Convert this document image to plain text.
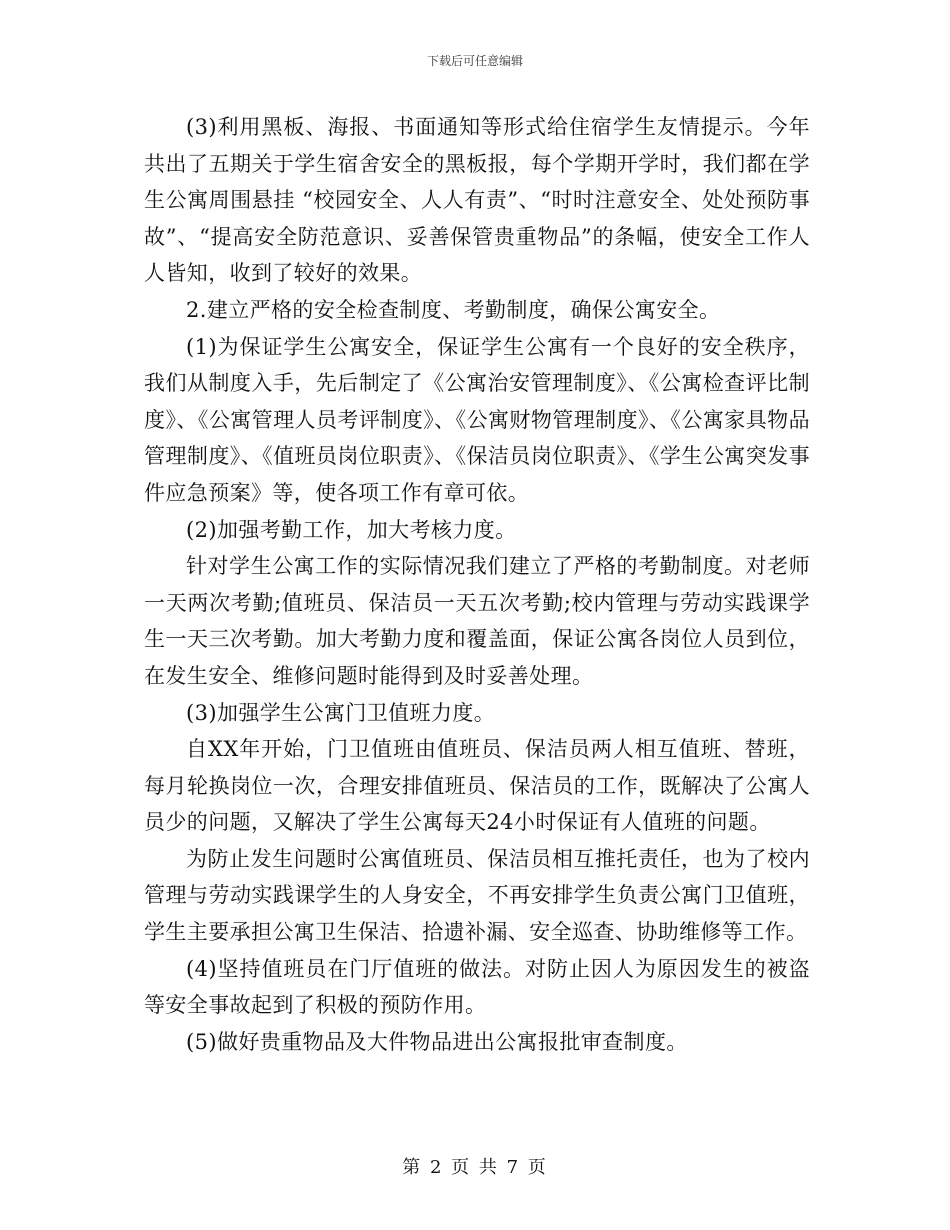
下载后可任意编辑

(3)利用黑板、海报、书面通知等形式给住宿学生友情提示。今年共出了五期关于学生宿舍安全的黑板报，每个学期开学时，我们都在学生公寓周围悬挂 “校园安全、人人有责”、“时时注意安全、处处预防事故”、“提高安全防范意识、妥善保管贵重物品”的条幅，使安全工作人人皆知，收到了较好的效果。

2.建立严格的安全检查制度、考勤制度，确保公寓安全。

(1)为保证学生公寓安全，保证学生公寓有一个良好的安全秩序，我们从制度入手，先后制定了《公寓治安管理制度》、《公寓检查评比制度》、《公寓管理人员考评制度》、《公寓财物管理制度》、《公寓家具物品管理制度》、《值班员岗位职责》、《保洁员岗位职责》、《学生公寓突发事件应急预案》等，使各项工作有章可依。

(2)加强考勤工作，加大考核力度。

针对学生公寓工作的实际情况我们建立了严格的考勤制度。对老师一天两次考勤;值班员、保洁员一天五次考勤;校内管理与劳动实践课学生一天三次考勤。加大考勤力度和覆盖面，保证公寓各岗位人员到位，在发生安全、维修问题时能得到及时妥善处理。

(3)加强学生公寓门卫值班力度。

自XX年开始，门卫值班由值班员、保洁员两人相互值班、替班，每月轮换岗位一次，合理安排值班员、保洁员的工作，既解决了公寓人员少的问题，又解决了学生公寓每天24小时保证有人值班的问题。

为防止发生问题时公寓值班员、保洁员相互推托责任，也为了校内管理与劳动实践课学生的人身安全，不再安排学生负责公寓门卫值班，学生主要承担公寓卫生保洁、拾遗补漏、安全巡查、协助维修等工作。

(4)坚持值班员在门厅值班的做法。对防止因人为原因发生的被盗等安全事故起到了积极的预防作用。

(5)做好贵重物品及大件物品进出公寓报批审查制度。

第 2 页 共 7 页
